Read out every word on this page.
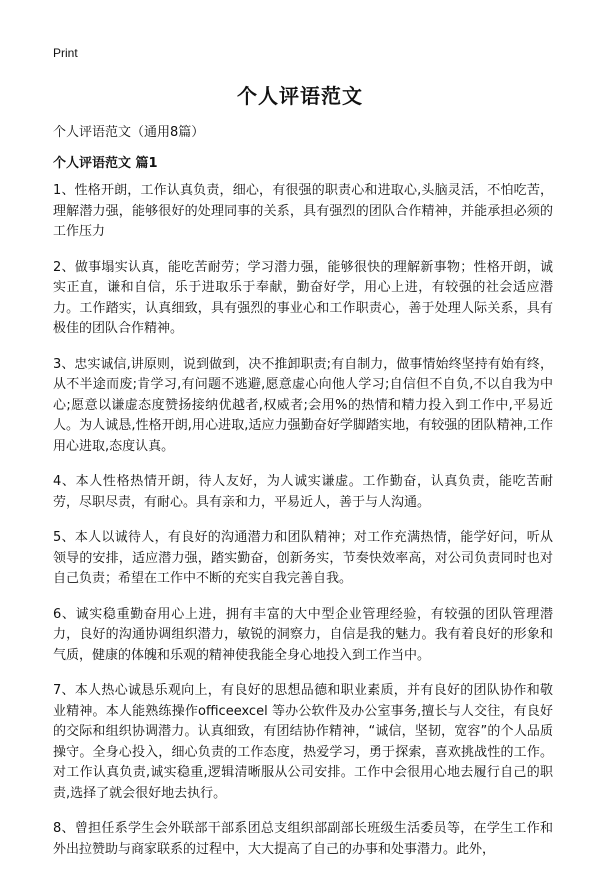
Print
个人评语范文
个人评语范文（通用8篇）
个人评语范文 篇1

1、性格开朗，工作认真负责，细心，有很强的职责心和进取心,头脑灵活，不怕吃苦，理解潜力强，能够很好的处理同事的关系，具有强烈的团队合作精神，并能承担必须的工作压力

2、做事塌实认真，能吃苦耐劳；学习潜力强，能够很快的理解新事物；性格开朗，诚实正直，谦和自信，乐于进取乐于奉献，勤奋好学，用心上进，有较强的社会适应潜力。工作踏实，认真细致，具有强烈的事业心和工作职责心，善于处理人际关系，具有极佳的团队合作精神。

3、忠实诚信,讲原则，说到做到，决不推卸职责;有自制力，做事情始终坚持有始有终，从不半途而废;肯学习,有问题不逃避,愿意虚心向他人学习;自信但不自负,不以自我为中心;愿意以谦虚态度赞扬接纳优越者,权威者;会用%的热情和精力投入到工作中,平易近人。为人诚恳,性格开朗,用心进取,适应力强勤奋好学脚踏实地，有较强的团队精神,工作用心进取,态度认真。

4、本人性格热情开朗，待人友好，为人诚实谦虚。工作勤奋，认真负责，能吃苦耐劳，尽职尽责，有耐心。具有亲和力，平易近人，善于与人沟通。

5、本人以诚待人，有良好的沟通潜力和团队精神；对工作充满热情，能学好问，听从领导的安排，适应潜力强，踏实勤奋，创新务实，节奏快效率高，对公司负责同时也对自己负责；希望在工作中不断的充实自我完善自我。

6、诚实稳重勤奋用心上进，拥有丰富的大中型企业管理经验，有较强的团队管理潜力，良好的沟通协调组织潜力，敏锐的洞察力，自信是我的魅力。我有着良好的形象和气质，健康的体魄和乐观的精神使我能全身心地投入到工作当中。

7、本人热心诚恳乐观向上，有良好的思想品德和职业素质，并有良好的团队协作和敬业精神。本人能熟练操作officeexcel 等办公软件及办公室事务,擅长与人交往，有良好的交际和组织协调潜力。认真细致，有团结协作精神，“诚信，坚韧，宽容”的个人品质操守。全身心投入，细心负责的工作态度，热爱学习，勇于探索，喜欢挑战性的工作。对工作认真负责,诚实稳重,逻辑清晰服从公司安排。工作中会很用心地去履行自己的职责,选择了就会很好地去执行。

8、曾担任系学生会外联部干部系团总支组织部副部长班级生活委员等，在学生工作和外出拉赞助与商家联系的过程中，大大提高了自己的办事和处事潜力。此外，
